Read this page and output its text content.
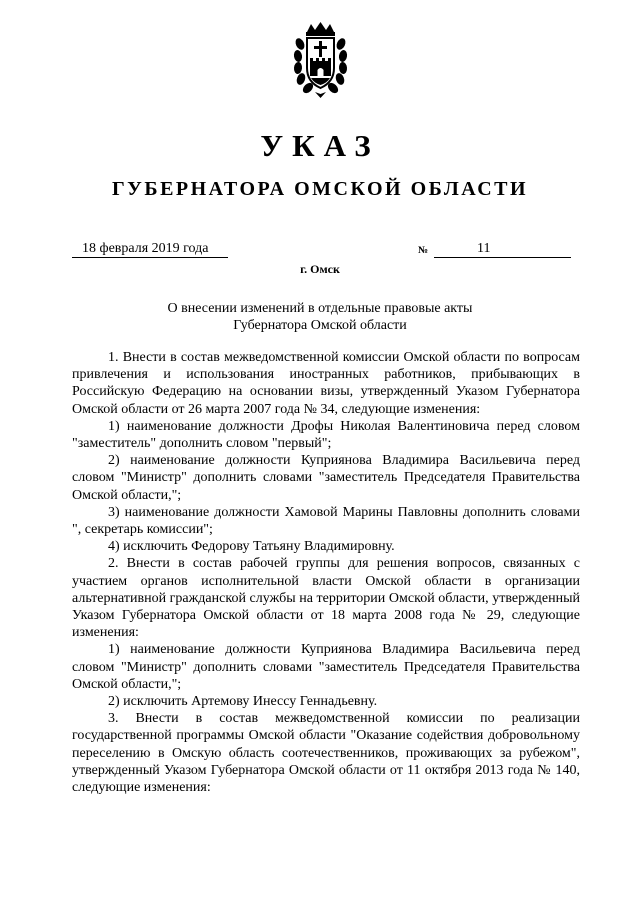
УКАЗ
ГУБЕРНАТОРА ОМСКОЙ ОБЛАСТИ
18 февраля 2019 года	№	11
г. Омск
О внесении изменений в отдельные правовые акты
Губернатора Омской области

1. Внести в состав межведомственной комиссии Омской области по вопросам привлечения и использования иностранных работников, прибывающих в Российскую Федерацию на основании визы, утвержденный Указом Губернатора Омской области от 26 марта 2007 года № 34, следующие изменения:

1) наименование должности Дрофы Николая Валентиновича перед словом "заместитель" дополнить словом "первый";

2) наименование должности Куприянова Владимира Васильевича перед словом "Министр" дополнить словами "заместитель Председателя Правительства Омской области,";

3) наименование должности Хамовой Марины Павловны дополнить словами ", секретарь комиссии";

4) исключить Федорову Татьяну Владимировну.

2. Внести в состав рабочей группы для решения вопросов, связанных с участием органов исполнительной власти Омской области в организации альтернативной гражданской службы на территории Омской области, утвержденный Указом Губернатора Омской области от 18 марта 2008 года № 29, следующие изменения:

1) наименование должности Куприянова Владимира Васильевича перед словом "Министр" дополнить словами "заместитель Председателя Правительства Омской области,";

2) исключить Артемову Инессу Геннадьевну.

3. Внести в состав межведомственной комиссии по реализации государственной программы Омской области "Оказание содействия добровольному переселению в Омскую область соотечественников, проживающих за рубежом", утвержденный Указом Губернатора Омской области от 11 октября 2013 года № 140, следующие изменения:
